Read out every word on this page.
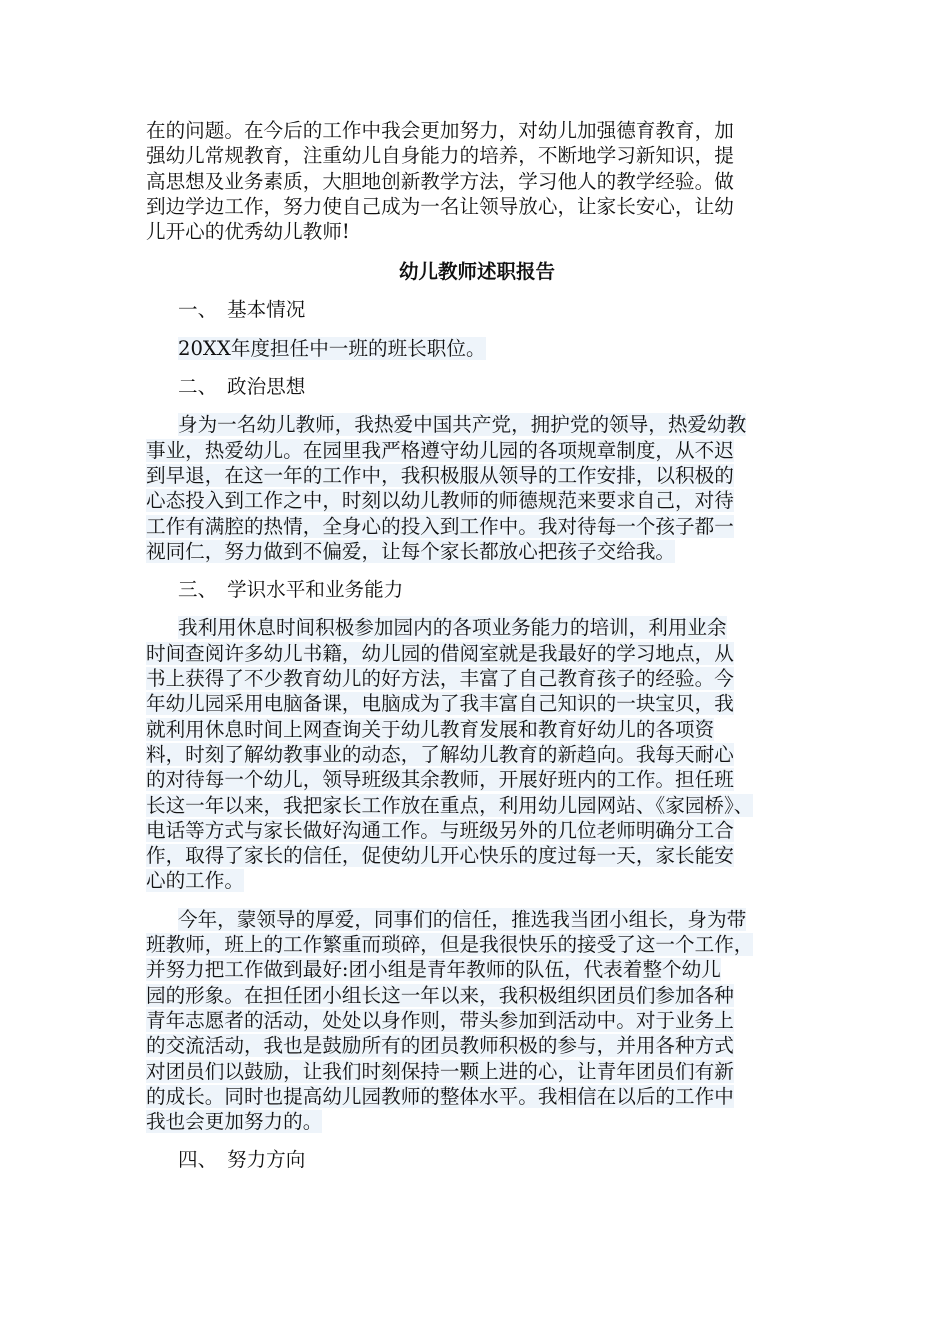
在的问题。在今后的工作中我会更加努力，对幼儿加强德育教育，加
强幼儿常规教育，注重幼儿自身能力的培养，不断地学习新知识，提
高思想及业务素质，大胆地创新教学方法，学习他人的教学经验。做
到边学边工作，努力使自己成为一名让领导放心，让家长安心，让幼
儿开心的优秀幼儿教师!
幼儿教师述职报告
一、　基本情况
20XX年度担任中一班的班长职位。
二、　政治思想
身为一名幼儿教师，我热爱中国共产党，拥护党的领导，热爱幼教
事业，热爱幼儿。在园里我严格遵守幼儿园的各项规章制度，从不迟
到早退，在这一年的工作中，我积极服从领导的工作安排，以积极的
心态投入到工作之中，时刻以幼儿教师的师德规范来要求自己，对待
工作有满腔的热情，全身心的投入到工作中。我对待每一个孩子都一
视同仁，努力做到不偏爱，让每个家长都放心把孩子交给我。
三、　学识水平和业务能力
我利用休息时间积极参加园内的各项业务能力的培训，利用业余
时间查阅许多幼儿书籍，幼儿园的借阅室就是我最好的学习地点，从
书上获得了不少教育幼儿的好方法，丰富了自己教育孩子的经验。今
年幼儿园采用电脑备课，电脑成为了我丰富自己知识的一块宝贝，我
就利用休息时间上网查询关于幼儿教育发展和教育好幼儿的各项资
料，时刻了解幼教事业的动态，了解幼儿教育的新趋向。我每天耐心
的对待每一个幼儿，领导班级其余教师，开展好班内的工作。担任班
长这一年以来，我把家长工作放在重点，利用幼儿园网站、《家园桥》、
电话等方式与家长做好沟通工作。与班级另外的几位老师明确分工合
作，取得了家长的信任，促使幼儿开心快乐的度过每一天，家长能安
心的工作。
今年，蒙领导的厚爱，同事们的信任，推选我当团小组长，身为带
班教师，班上的工作繁重而琐碎，但是我很快乐的接受了这一个工作，
并努力把工作做到最好:团小组是青年教师的队伍，代表着整个幼儿
园的形象。在担任团小组长这一年以来，我积极组织团员们参加各种
青年志愿者的活动，处处以身作则，带头参加到活动中。对于业务上
的交流活动，我也是鼓励所有的团员教师积极的参与，并用各种方式
对团员们以鼓励，让我们时刻保持一颗上进的心，让青年团员们有新
的成长。同时也提高幼儿园教师的整体水平。我相信在以后的工作中
我也会更加努力的。
四、　努力方向
